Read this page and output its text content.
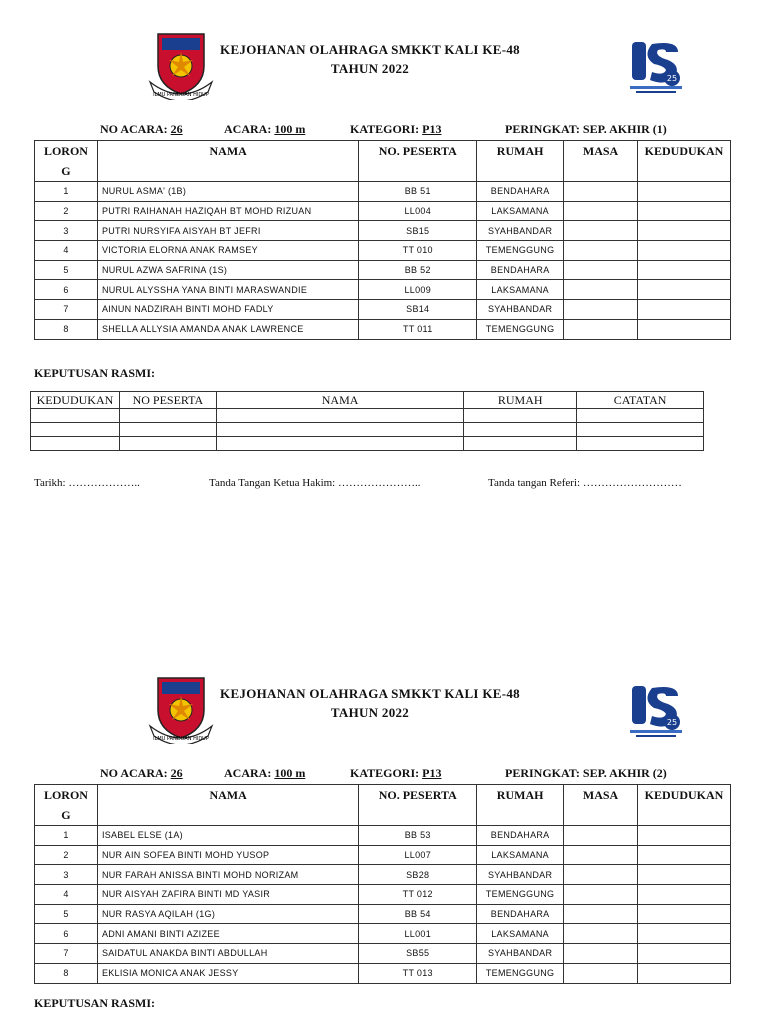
ILMU PANDUAN HIDUP
KEJOHANAN OLAHRAGA SMKKT KALI KE-48
TAHUN 2022
25
NO ACARA: 26	ACARA: 100 m	KATEGORI: P13	PERINGKAT: SEP. AKHIR (1)
LORON
G	NAMA	NO. PESERTA	RUMAH	MASA	KEDUDUKAN
1	NURUL ASMA' (1B)	BB 51	BENDAHARA		
2	PUTRI RAIHANAH HAZIQAH BT MOHD RIZUAN	LL004	LAKSAMANA		
3	PUTRI NURSYIFA AISYAH BT JEFRI	SB15	SYAHBANDAR		
4	VICTORIA ELORNA ANAK RAMSEY	TT 010	TEMENGGUNG		
5	NURUL AZWA SAFRINA (1S)	BB 52	BENDAHARA		
6	NURUL ALYSSHA YANA BINTI MARASWANDIE	LL009	LAKSAMANA		
7	AINUN NADZIRAH BINTI MOHD FADLY	SB14	SYAHBANDAR		
8	SHELLA ALLYSIA AMANDA ANAK LAWRENCE	TT 011	TEMENGGUNG		
KEPUTUSAN RASMI:
KEDUDUKAN	NO PESERTA	NAMA	RUMAH	CATATAN

Tarikh: ………………..	Tanda Tangan Ketua Hakim: …………………..	Tanda tangan Referi: ………………………
ILMU PANDUAN HIDUP
KEJOHANAN OLAHRAGA SMKKT KALI KE-48
TAHUN 2022
25
NO ACARA: 26	ACARA: 100 m	KATEGORI: P13	PERINGKAT: SEP. AKHIR (2)
LORON
G	NAMA	NO. PESERTA	RUMAH	MASA	KEDUDUKAN
1	ISABEL ELSE (1A)	BB 53	BENDAHARA		
2	NUR AIN SOFEA BINTI MOHD YUSOP	LL007	LAKSAMANA		
3	NUR FARAH ANISSA BINTI MOHD NORIZAM	SB28	SYAHBANDAR		
4	NUR AISYAH ZAFIRA BINTI MD YASIR	TT 012	TEMENGGUNG		
5	NUR RASYA AQILAH (1G)	BB 54	BENDAHARA		
6	ADNI AMANI BINTI AZIZEE	LL001	LAKSAMANA		
7	SAIDATUL ANAKDA BINTI ABDULLAH	SB55	SYAHBANDAR		
8	EKLISIA MONICA ANAK JESSY	TT 013	TEMENGGUNG		
KEPUTUSAN RASMI:
